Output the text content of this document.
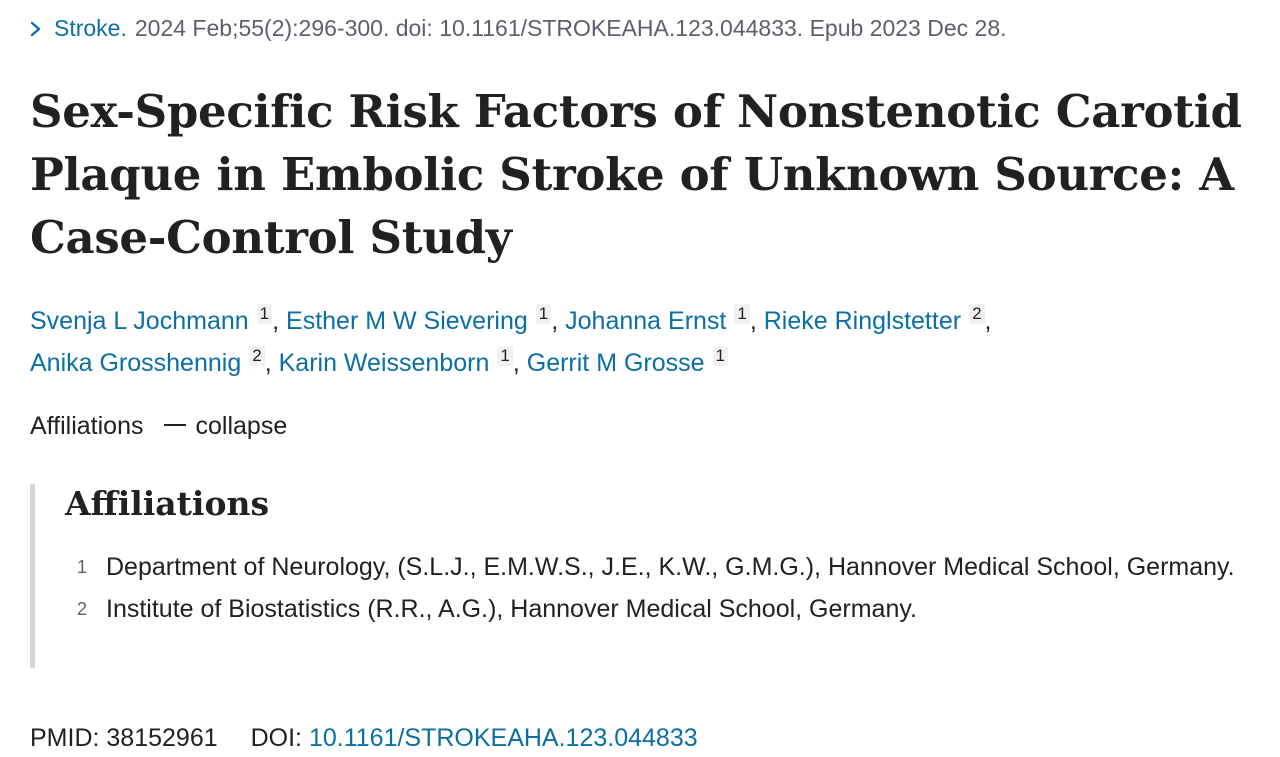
Stroke. 2024 Feb;55(2):296-300. doi: 10.1161/STROKEAHA.123.044833. Epub 2023 Dec 28.
Sex-Specific Risk Factors of Nonstenotic Carotid Plaque in Embolic Stroke of Unknown Source: A Case-Control Study
Svenja L Jochmann 1 , Esther M W Sievering 1 , Johanna Ernst 1 , Rieke Ringlstetter 2 ,
Anika Grosshennig 2 , Karin Weissenborn 1 , Gerrit M Grosse 1
Affiliations collapse
Affiliations
1 Department of Neurology, (S.L.J., E.M.W.S., J.E., K.W., G.M.G.), Hannover Medical School, Germany.
2 Institute of Biostatistics (R.R., A.G.), Hannover Medical School, Germany.
PMID: 38152961 DOI: 10.1161/STROKEAHA.123.044833
